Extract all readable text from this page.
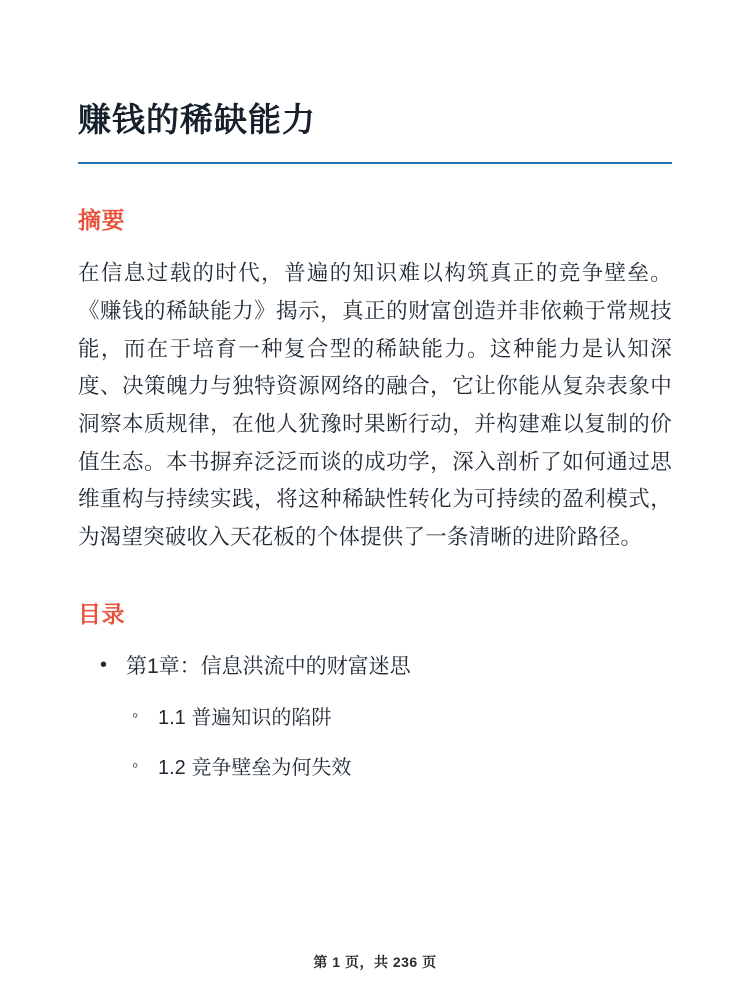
赚钱的稀缺能力
摘要

在信息过载的时代，普遍的知识难以构筑真正的竞争壁垒。《赚钱的稀缺能力》揭示，真正的财富创造并非依赖于常规技能，而在于培育一种复合型的稀缺能力。这种能力是认知深度、决策魄力与独特资源网络的融合，它让你能从复杂表象中洞察本质规律，在他人犹豫时果断行动，并构建难以复制的价值生态。本书摒弃泛泛而谈的成功学，深入剖析了如何通过思维重构与持续实践，将这种稀缺性转化为可持续的盈利模式，为渴望突破收入天花板的个体提供了一条清晰的进阶路径。

目录
• 第1章：信息洪流中的财富迷思
◦ 1.1 普遍知识的陷阱
◦ 1.2 竞争壁垒为何失效
第 1 页，共 236 页
